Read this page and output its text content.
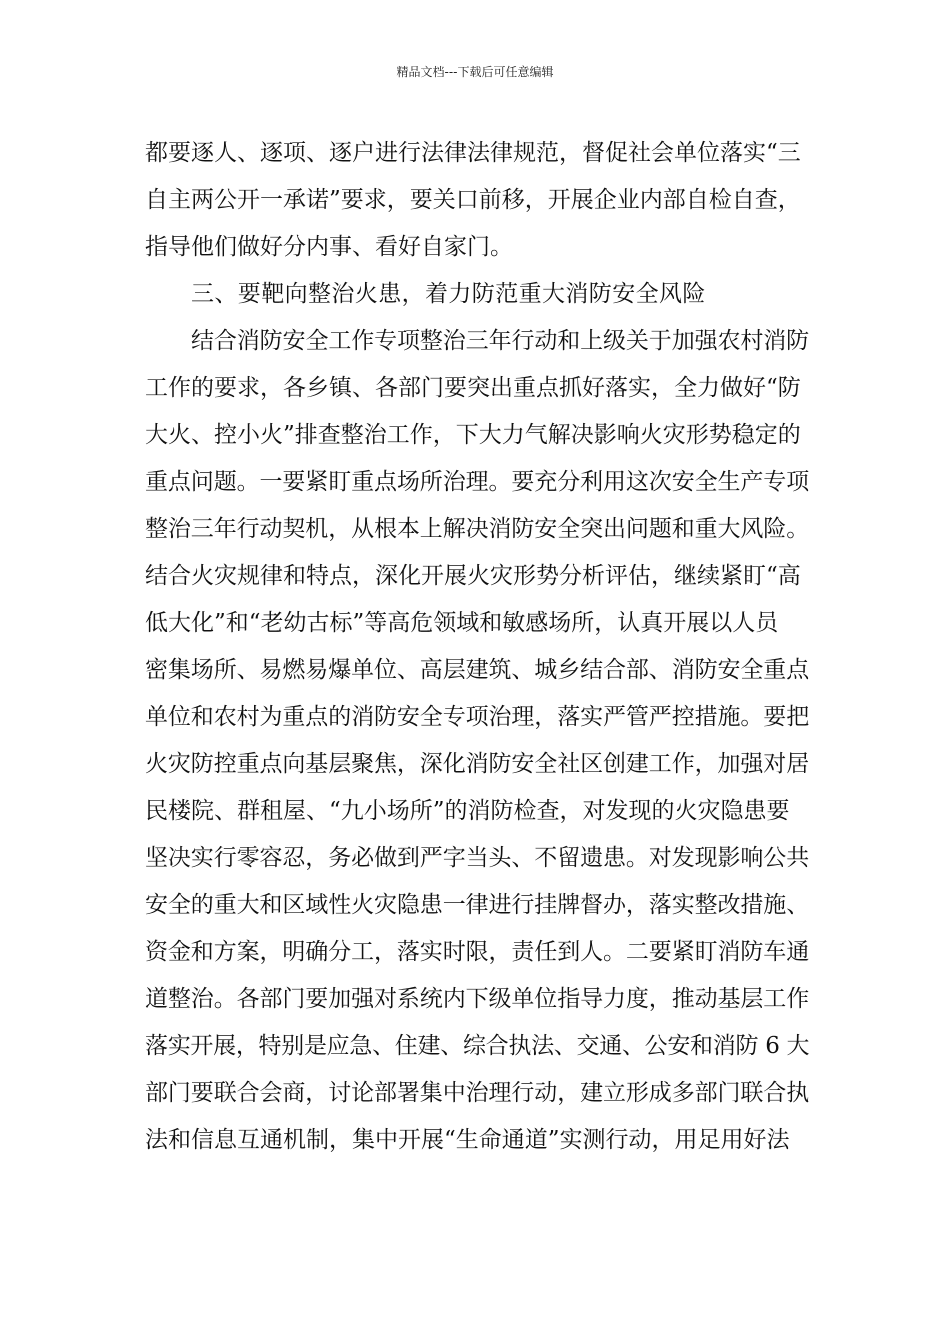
精品文档---下载后可任意编辑
都要逐人、逐项、逐户进行法律法律规范，督促社会单位落实“三
自主两公开一承诺”要求，要关口前移，开展企业内部自检自查，
指导他们做好分内事、看好自家门。
三、要靶向整治火患，着力防范重大消防安全风险
结合消防安全工作专项整治三年行动和上级关于加强农村消防
工作的要求，各乡镇、各部门要突出重点抓好落实，全力做好“防
大火、控小火”排查整治工作，下大力气解决影响火灾形势稳定的
重点问题。一要紧盯重点场所治理。要充分利用这次安全生产专项
整治三年行动契机，从根本上解决消防安全突出问题和重大风险。
结合火灾规律和特点，深化开展火灾形势分析评估，继续紧盯“高
低大化”和“老幼古标”等高危领域和敏感场所，认真开展以人员
密集场所、易燃易爆单位、高层建筑、城乡结合部、消防安全重点
单位和农村为重点的消防安全专项治理，落实严管严控措施。要把
火灾防控重点向基层聚焦，深化消防安全社区创建工作，加强对居
民楼院、群租屋、“九小场所”的消防检查，对发现的火灾隐患要
坚决实行零容忍，务必做到严字当头、不留遗患。对发现影响公共
安全的重大和区域性火灾隐患一律进行挂牌督办，落实整改措施、
资金和方案，明确分工，落实时限，责任到人。二要紧盯消防车通
道整治。各部门要加强对系统内下级单位指导力度，推动基层工作
落实开展，特别是应急、住建、综合执法、交通、公安和消防 6 大
部门要联合会商，讨论部署集中治理行动，建立形成多部门联合执
法和信息互通机制，集中开展“生命通道”实测行动，用足用好法
